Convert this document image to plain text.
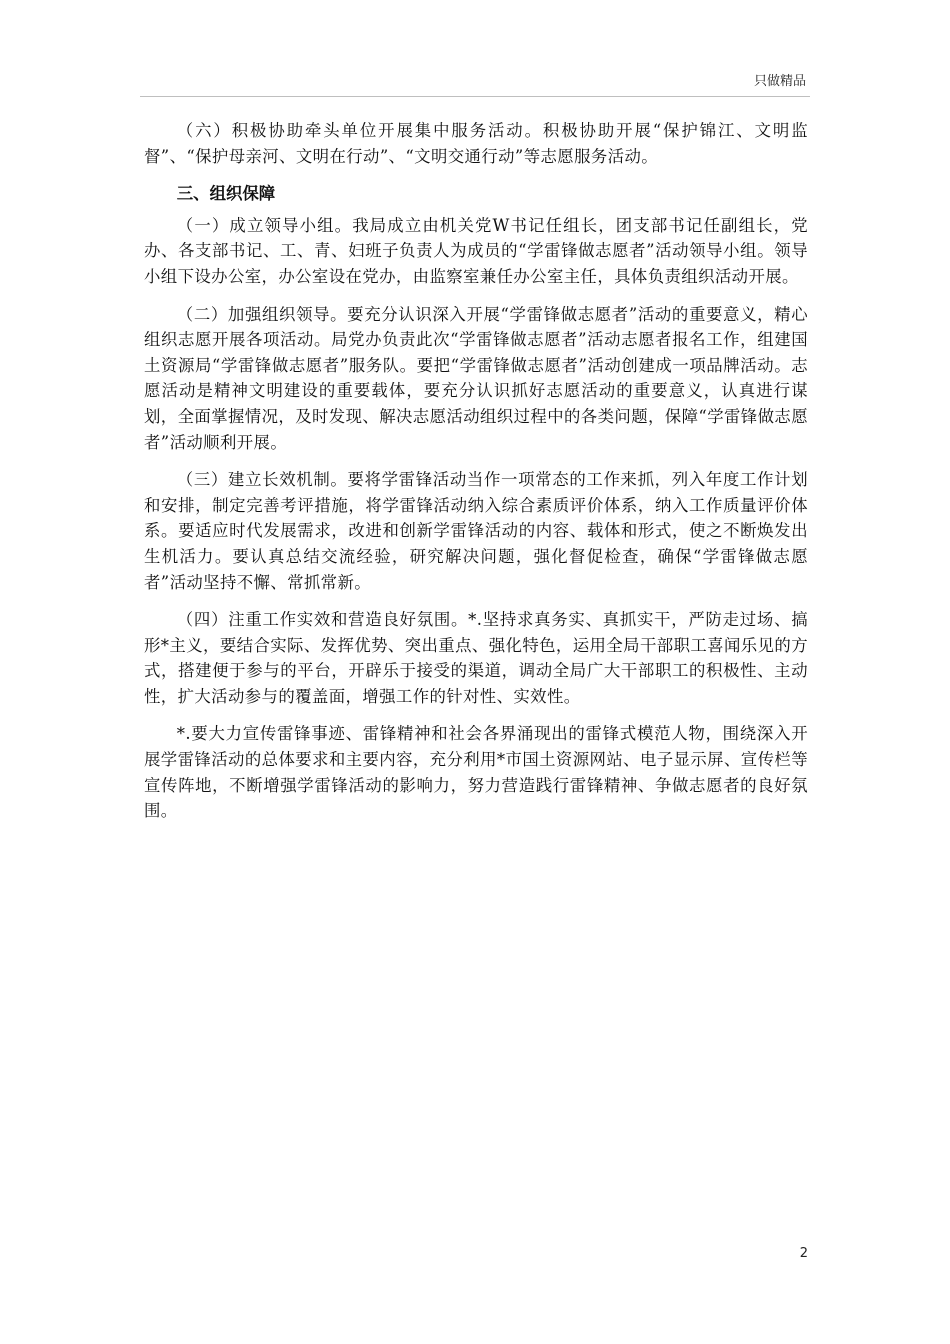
只做精品

（六）积极协助牵头单位开展集中服务活动。积极协助开展“保护锦江、文明监督”、“保护母亲河、文明在行动”、“文明交通行动”等志愿服务活动。

三、组织保障

（一）成立领导小组。我局成立由机关党W书记任组长，团支部书记任副组长，党办、各支部书记、工、青、妇班子负责人为成员的“学雷锋做志愿者”活动领导小组。领导小组下设办公室，办公室设在党办，由监察室兼任办公室主任，具体负责组织活动开展。

（二）加强组织领导。要充分认识深入开展“学雷锋做志愿者”活动的重要意义，精心组织志愿开展各项活动。局党办负责此次“学雷锋做志愿者”活动志愿者报名工作，组建国土资源局“学雷锋做志愿者”服务队。要把“学雷锋做志愿者”活动创建成一项品牌活动。志愿活动是精神文明建设的重要载体，要充分认识抓好志愿活动的重要意义，认真进行谋划，全面掌握情况，及时发现、解决志愿活动组织过程中的各类问题，保障“学雷锋做志愿者”活动顺利开展。

（三）建立长效机制。要将学雷锋活动当作一项常态的工作来抓，列入年度工作计划和安排，制定完善考评措施，将学雷锋活动纳入综合素质评价体系，纳入工作质量评价体系。要适应时代发展需求，改进和创新学雷锋活动的内容、载体和形式，使之不断焕发出生机活力。要认真总结交流经验，研究解决问题，强化督促检查，确保“学雷锋做志愿者”活动坚持不懈、常抓常新。

（四）注重工作实效和营造良好氛围。*.坚持求真务实、真抓实干，严防走过场、搞形*主义，要结合实际、发挥优势、突出重点、强化特色，运用全局干部职工喜闻乐见的方式，搭建便于参与的平台，开辟乐于接受的渠道，调动全局广大干部职工的积极性、主动性，扩大活动参与的覆盖面，增强工作的针对性、实效性。

*.要大力宣传雷锋事迹、雷锋精神和社会各界涌现出的雷锋式模范人物，围绕深入开展学雷锋活动的总体要求和主要内容，充分利用*市国土资源网站、电子显示屏、宣传栏等宣传阵地，不断增强学雷锋活动的影响力，努力营造践行雷锋精神、争做志愿者的良好氛围。

2
